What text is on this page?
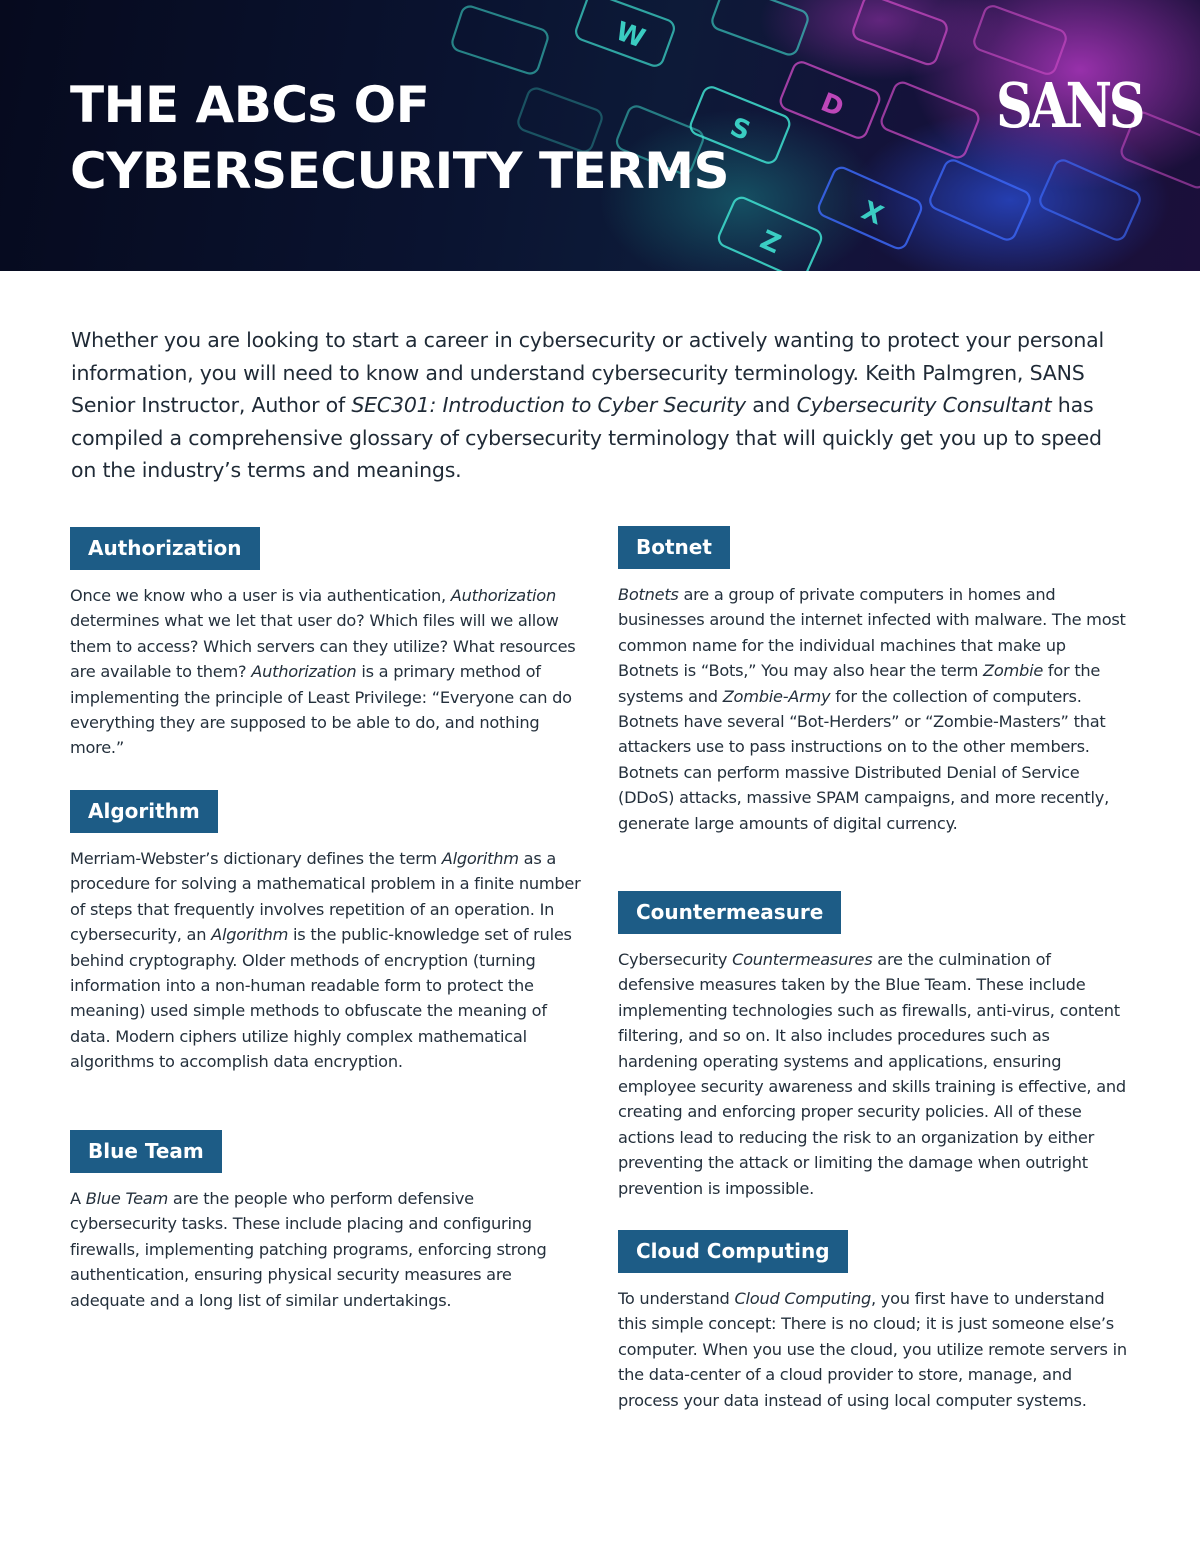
W
S
X
Z
D
THE ABCs OF
CYBERSECURITY TERMS
SANS

Whether you are looking to start a career in cybersecurity or actively wanting to protect your personal information, you will need to know and understand cybersecurity terminology. Keith Palmgren, SANS Senior Instructor, Author of SEC301: Introduction to Cyber Security and Cybersecurity Consultant has compiled a comprehensive glossary of cybersecurity terminology that will quickly get you up to speed on the industry’s terms and meanings.

Authorization

Once we know who a user is via authentication, Authorization determines what we let that user do? Which files will we allow them to access? Which servers can they utilize? What resources are available to them? Authorization is a primary method of implementing the principle of Least Privilege: “Everyone can do everything they are supposed to be able to do, and nothing more.”

Algorithm

Merriam-Webster’s dictionary defines the term Algorithm as a procedure for solving a mathematical problem in a finite number of steps that frequently involves repetition of an operation. In cybersecurity, an Algorithm is the public-knowledge set of rules behind cryptography. Older methods of encryption (turning information into a non-human readable form to protect the meaning) used simple methods to obfuscate the meaning of data. Modern ciphers utilize highly complex mathematical algorithms to accomplish data encryption.

Blue Team

A Blue Team are the people who perform defensive cybersecurity tasks. These include placing and configuring firewalls, implementing patching programs, enforcing strong authentication, ensuring physical security measures are adequate and a long list of similar undertakings.

Botnet

Botnets are a group of private computers in homes and businesses around the internet infected with malware. The most common name for the individual machines that make up Botnets is “Bots,” You may also hear the term Zombie for the systems and Zombie-Army for the collection of computers. Botnets have several “Bot-Herders” or “Zombie-Masters” that attackers use to pass instructions on to the other members. Botnets can perform massive Distributed Denial of Service (DDoS) attacks, massive SPAM campaigns, and more recently, generate large amounts of digital currency.

Countermeasure

Cybersecurity Countermeasures are the culmination of defensive measures taken by the Blue Team. These include implementing technologies such as firewalls, anti-virus, content filtering, and so on. It also includes procedures such as hardening operating systems and applications, ensuring employee security awareness and skills training is effective, and creating and enforcing proper security policies. All of these actions lead to reducing the risk to an organization by either preventing the attack or limiting the damage when outright prevention is impossible.

Cloud Computing

To understand Cloud Computing, you first have to understand this simple concept: There is no cloud; it is just someone else’s computer. When you use the cloud, you utilize remote servers in the data-center of a cloud provider to store, manage, and process your data instead of using local computer systems.
